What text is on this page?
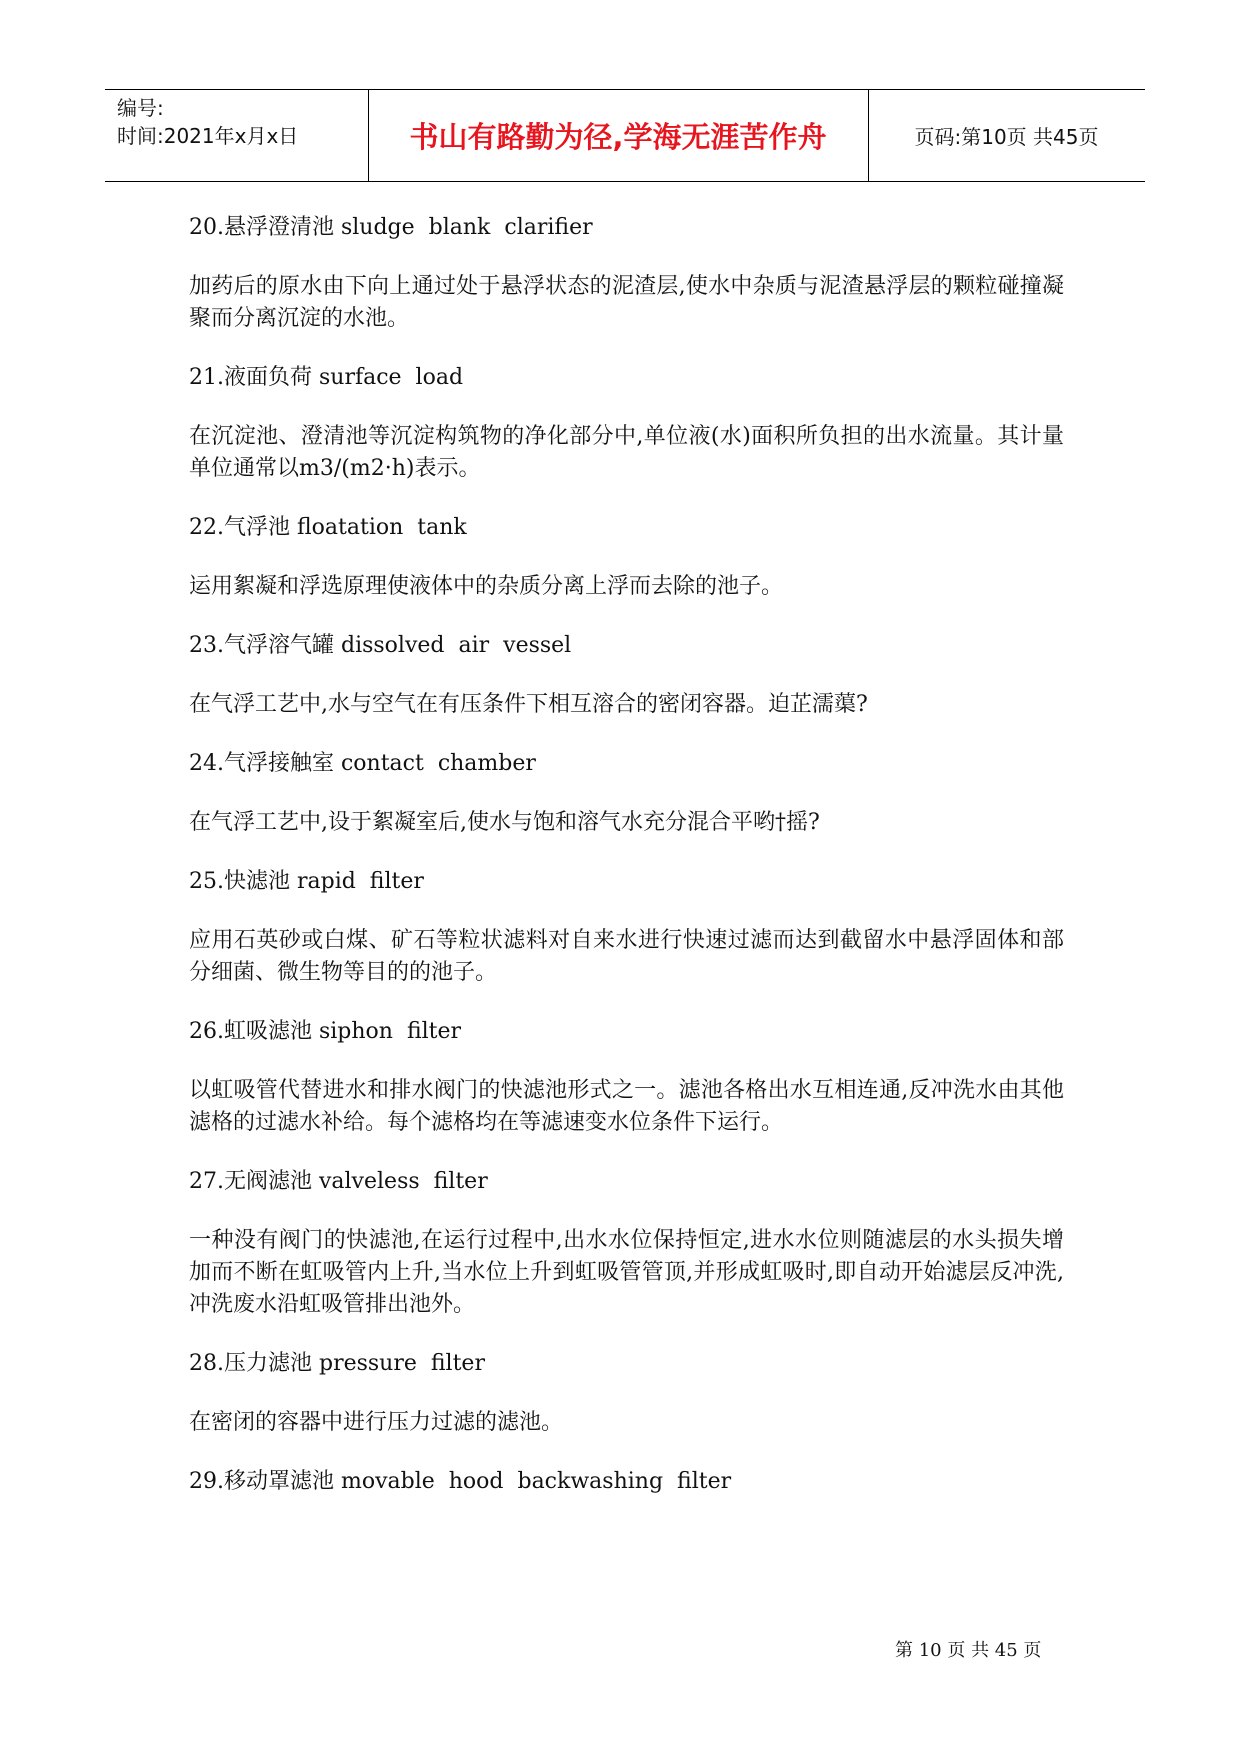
编号:
时间:2021年x月x日	书山有路勤为径,学海无涯苦作舟	页码:第10页 共45页
20.悬浮澄清池 sludge  blank  clarifier
加药后的原水由下向上通过处于悬浮状态的泥渣层,使水中杂质与泥渣悬浮层的颗粒碰撞凝聚而分离沉淀的水池。
21.液面负荷 surface  load
在沉淀池、澄清池等沉淀构筑物的净化部分中,单位液(水)面积所负担的出水流量。其计量单位通常以m3/(m2·h)表示。
22.气浮池 floatation  tank
运用絮凝和浮选原理使液体中的杂质分离上浮而去除的池子。
23.气浮溶气罐 dissolved  air  vessel
在气浮工艺中,水与空气在有压条件下相互溶合的密闭容器。迫芷濡蕖?
24.气浮接触室 contact  chamber
在气浮工艺中,设于絮凝室后,使水与饱和溶气水充分混合平哟†摇?
25.快滤池 rapid  filter
应用石英砂或白煤、矿石等粒状滤料对自来水进行快速过滤而达到截留水中悬浮固体和部分细菌、微生物等目的的池子。
26.虹吸滤池 siphon  filter
以虹吸管代替进水和排水阀门的快滤池形式之一。滤池各格出水互相连通,反冲洗水由其他滤格的过滤水补给。每个滤格均在等滤速变水位条件下运行。
27.无阀滤池 valveless  filter
一种没有阀门的快滤池,在运行过程中,出水水位保持恒定,进水水位则随滤层的水头损失增加而不断在虹吸管内上升,当水位上升到虹吸管管顶,并形成虹吸时,即自动开始滤层反冲洗,冲洗废水沿虹吸管排出池外。
28.压力滤池 pressure  filter
在密闭的容器中进行压力过滤的滤池。
29.移动罩滤池 movable  hood  backwashing  filter
第 10 页 共 45 页
